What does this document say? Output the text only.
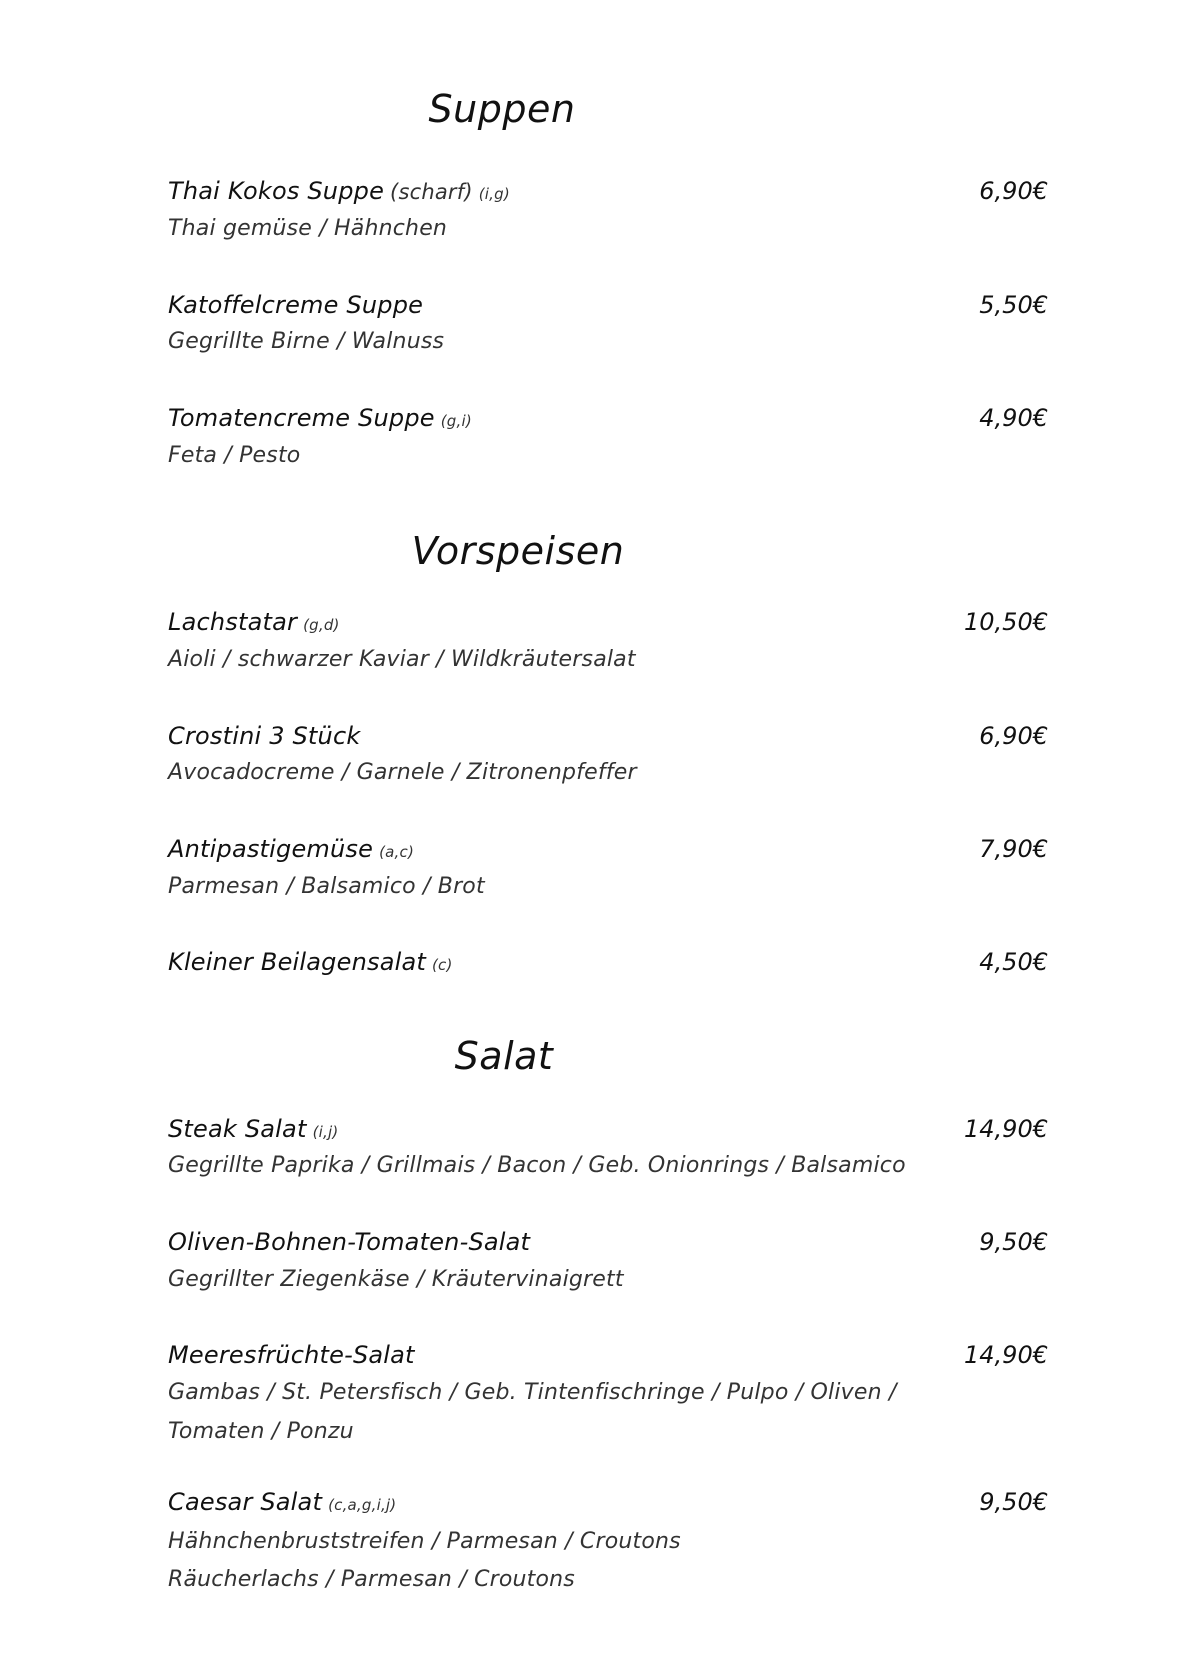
Suppen
Thai Kokos Suppe (scharf) (i,g)	6,90€
Thai gemüse / Hähnchen
Katoffelcreme Suppe	5,50€
Gegrillte Birne / Walnuss
Tomatencreme Suppe (g,i)	4,90€
Feta / Pesto
Vorspeisen
Lachstatar (g,d)	10,50€
Aioli / schwarzer Kaviar / Wildkräutersalat
Crostini 3 Stück	6,90€
Avocadocreme / Garnele / Zitronenpfeffer
Antipastigemüse (a,c)	7,90€
Parmesan / Balsamico / Brot
Kleiner Beilagensalat (c)	4,50€
Salat
Steak Salat (i,j)	14,90€
Gegrillte Paprika / Grillmais / Bacon / Geb. Onionrings / Balsamico
Oliven-Bohnen-Tomaten-Salat	9,50€
Gegrillter Ziegenkäse / Kräutervinaigrett
Meeresfrüchte-Salat	14,90€
Gambas / St. Petersfisch / Geb. Tintenfischringe / Pulpo / Oliven /
Tomaten / Ponzu
Caesar Salat (c,a,g,i,j)	9,50€
Hähnchenbruststreifen / Parmesan / Croutons
Räucherlachs / Parmesan / Croutons
